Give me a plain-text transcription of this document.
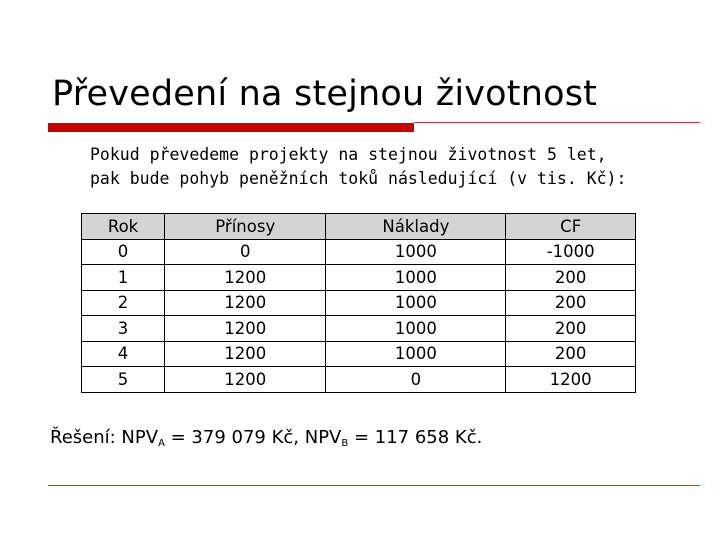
Převedení na stejnou životnost
Pokud převedeme projekty na stejnou životnost 5 let,
pak bude pohyb peněžních toků následující (v tis. Kč):
Rok	Přínosy	Náklady	CF
0	0	1000	-1000
1	1200	1000	200
2	1200	1000	200
3	1200	1000	200
4	1200	1000	200
5	1200	0	1200
Řešení: $NPV_A = 379$ 079 Kč, $NPV_B = 117$ 658 Kč.
